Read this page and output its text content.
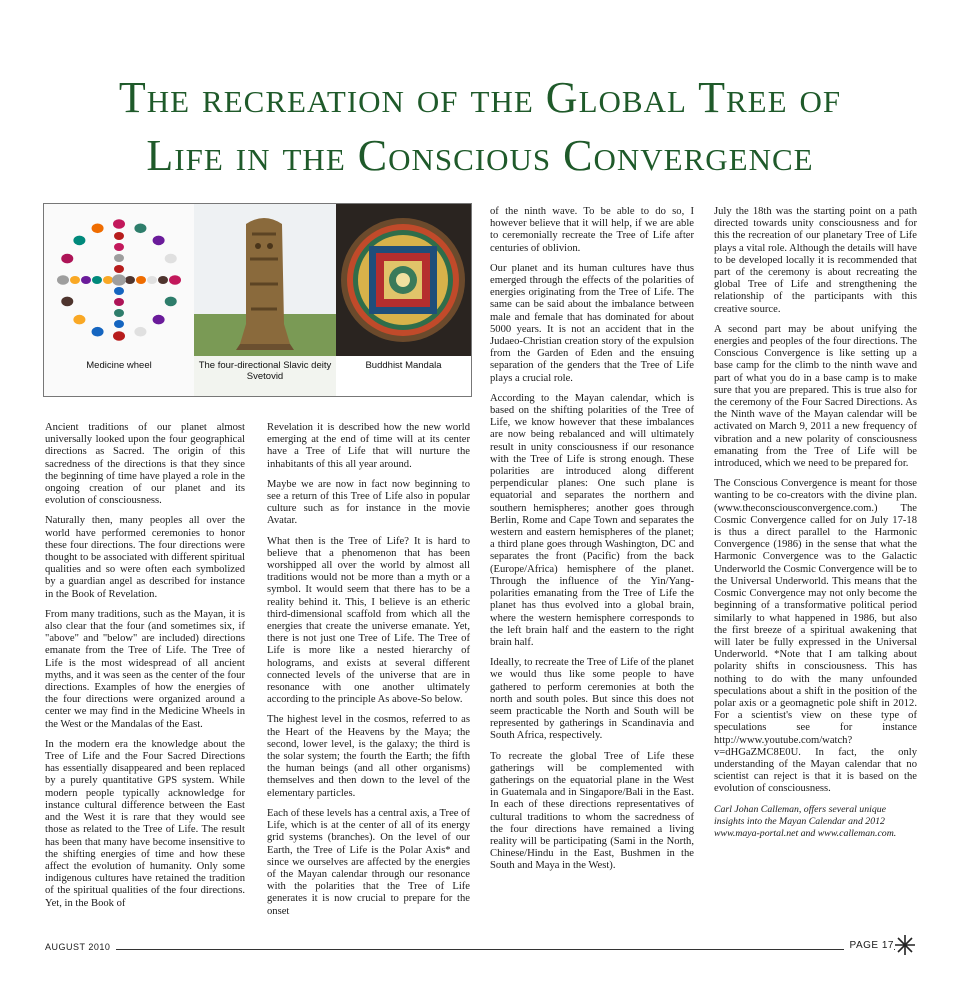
The recreation of the Global Tree of
Life in the Conscious Convergence
Medicine wheel	The four-directional Slavic deity Svetovid
Buddhist Mandala

Ancient traditions of our planet almost universally looked upon the four geographical directions as Sacred. The origin of this sacredness of the directions is that they since the beginning of time have played a role in the ongoing creation of our planet and its evolution of consciousness.

Naturally then, many peoples all over the world have performed ceremonies to honor these four directions. The four directions were thought to be associated with different spiritual qualities and so were often each symbolized by a guardian angel as described for instance in the Book of Revelation.

From many traditions, such as the Mayan, it is also clear that the four (and sometimes six, if "above" and "below" are included) directions emanate from the Tree of Life. The Tree of Life is the most widespread of all ancient myths, and it was seen as the center of the four directions. Examples of how the energies of the four directions were organized around a center we may find in the Medicine Wheels in the West or the Mandalas of the East.

In the modern era the knowledge about the Tree of Life and the Four Sacred Directions has essentially disappeared and been replaced by a purely quantitative GPS system. While modern people typically acknowledge for instance cultural difference between the East and the West it is rare that they would see those as related to the Tree of Life. The result has been that many have become insensitive to the shifting energies of time and how these affect the evolution of humanity. Only some indigenous cultures have retained the tradition of the spiritual qualities of the four directions. Yet, in the Book of

Revelation it is described how the new world emerging at the end of time will at its center have a Tree of Life that will nurture the inhabitants of this all year around.

Maybe we are now in fact now beginning to see a return of this Tree of Life also in popular culture such as for instance in the movie Avatar.

What then is the Tree of Life? It is hard to believe that a phenomenon that has been worshipped all over the world by almost all traditions would not be more than a myth or a symbol. It would seem that there has to be a reality behind it. This, I believe is an etheric third-dimensional scaffold from which all the energies that create the universe emanate. Yet, there is not just one Tree of Life. The Tree of Life is more like a nested hierarchy of holograms, and exists at several different connected levels of the universe that are in resonance with one another ultimately according to the principle As above-So below.

The highest level in the cosmos, referred to as the Heart of the Heavens by the Maya; the second, lower level, is the galaxy; the third is the solar system; the fourth the Earth; the fifth the human beings (and all other organisms) themselves and then down to the level of the elementary particles.

Each of these levels has a central axis, a Tree of Life, which is at the center of all of its energy grid systems (branches). On the level of our Earth, the Tree of Life is the Polar Axis* and since we ourselves are affected by the energies of the Mayan calendar through our resonance with the polarities that the Tree of Life generates it is now crucial to prepare for the onset

of the ninth wave. To be able to do so, I however believe that it will help, if we are able to ceremonially recreate the Tree of Life after centuries of oblivion.

Our planet and its human cultures have thus emerged through the effects of the polarities of energies originating from the Tree of Life. The same can be said about the imbalance between male and female that has dominated for about 5000 years. It is not an accident that in the Judaeo-Christian creation story of the expulsion from the Garden of Eden and the ensuing separation of the genders that the Tree of Life plays a crucial role.

According to the Mayan calendar, which is based on the shifting polarities of the Tree of Life, we know however that these imbalances are now being rebalanced and will ultimately result in unity consciousness if our resonance with the Tree of Life is strong enough. These polarities are introduced along different perpendicular planes: One such plane is equatorial and separates the northern and southern hemispheres; another goes through Berlin, Rome and Cape Town and separates the western and eastern hemispheres of the planet; a third plane goes through Washington, DC and separates the front (Pacific) from the back (Europe/Africa) hemisphere of the planet. Through the influence of the Yin/Yang-polarities emanating from the Tree of Life the planet has thus evolved into a global brain, where the western hemisphere corresponds to the left brain half and the eastern to the right brain half.

Ideally, to recreate the Tree of Life of the planet we would thus like some people to have gathered to perform ceremonies at both the north and south poles. But since this does not seem practicable the North and South will be represented by gatherings in Scandinavia and South Africa, respectively.

To recreate the global Tree of Life these gatherings will be complemented with gatherings on the equatorial plane in the West in Guatemala and in Singapore/Bali in the East. In each of these directions representatives of cultural traditions to whom the sacredness of the four directions have remained a living reality will be participating (Sami in the North, Chinese/Hindu in the East, Bushmen in the South and Maya in the West).

July the 18th was the starting point on a path directed towards unity consciousness and for this the recreation of our planetary Tree of Life plays a vital role. Although the details will have to be developed locally it is recommended that part of the ceremony is about recreating the global Tree of Life and strengthening the relationship of the participants with this creative source.

A second part may be about unifying the energies and peoples of the four directions. The Conscious Convergence is like setting up a base camp for the climb to the ninth wave and part of what you do in a base camp is to make sure that you are prepared. This is true also for the ceremony of the Four Sacred Directions. As the Ninth wave of the Mayan calendar will be activated on March 9, 2011 a new frequency of vibration and a new polarity of consciousness emanating from the Tree of Life will be introduced, which we need to be prepared for.

The Conscious Convergence is meant for those wanting to be co-creators with the divine plan. (www.theconsciousconvergence.com.) The Cosmic Convergence called for on July 17-18 is thus a direct parallel to the Harmonic Convergence (1986) in the sense that what the Harmonic Convergence was to the Galactic Underworld the Cosmic Convergence will be to the Universal Underworld. This means that the Cosmic Convergence may not only become the beginning of a transformative political period similarly to what happened in 1986, but also the first breeze of a spiritual awakening that will later be fully expressed in the Universal Underworld. *Note that I am talking about polarity shifts in consciousness. This has nothing to do with the many unfounded speculations about a shift in the position of the polar axis or a geomagnetic pole shift in 2012. For a scientist's view on these type of speculations see for instance http://www.youtube.com/watch?v=dHGaZMC8E0U. In fact, the only understanding of the Mayan calendar that no scientist can reject is that it is based on the evolution of consciousness.

Carl Johan Calleman, offers several unique insights into the Mayan Calendar and 2012 www.maya-portal.net and www.calleman.com.

AUGUST 2010	PAGE 17
